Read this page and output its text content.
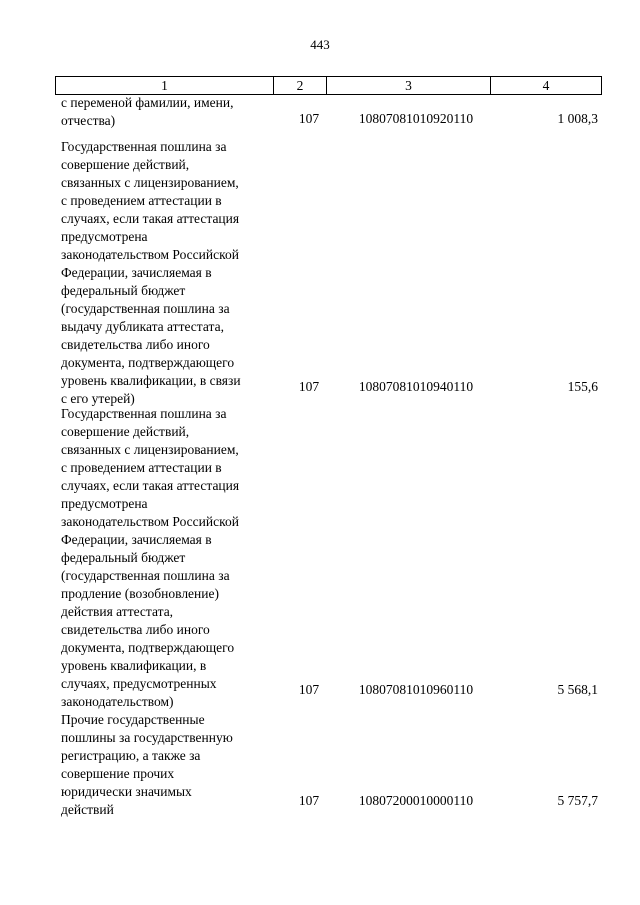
443
1	2	3	4
с переменой фамилии, имени,
отчества)	107	10807081010920110	1 008,3
Государственная пошлина за
совершение действий,
связанных с лицензированием,
с проведением аттестации в
случаях, если такая аттестация
предусмотрена
законодательством Российской
Федерации, зачисляемая в
федеральный бюджет
(государственная пошлина за
выдачу дубликата аттестата,
свидетельства либо иного
документа, подтверждающего
уровень квалификации, в связи
с его утерей)
107	10807081010940110	155,6
Государственная пошлина за
совершение действий,
связанных с лицензированием,
с проведением аттестации в
случаях, если такая аттестация
предусмотрена
законодательством Российской
Федерации, зачисляемая в
федеральный бюджет
(государственная пошлина за
продление (возобновление)
действия аттестата,
свидетельства либо иного
документа, подтверждающего
уровень квалификации, в
случаях, предусмотренных
законодательством)
107	10807081010960110	5 568,1
Прочие государственные
пошлины за государственную
регистрацию, а также за
совершение прочих
юридически значимых
действий
107	10807200010000110	5 757,7
